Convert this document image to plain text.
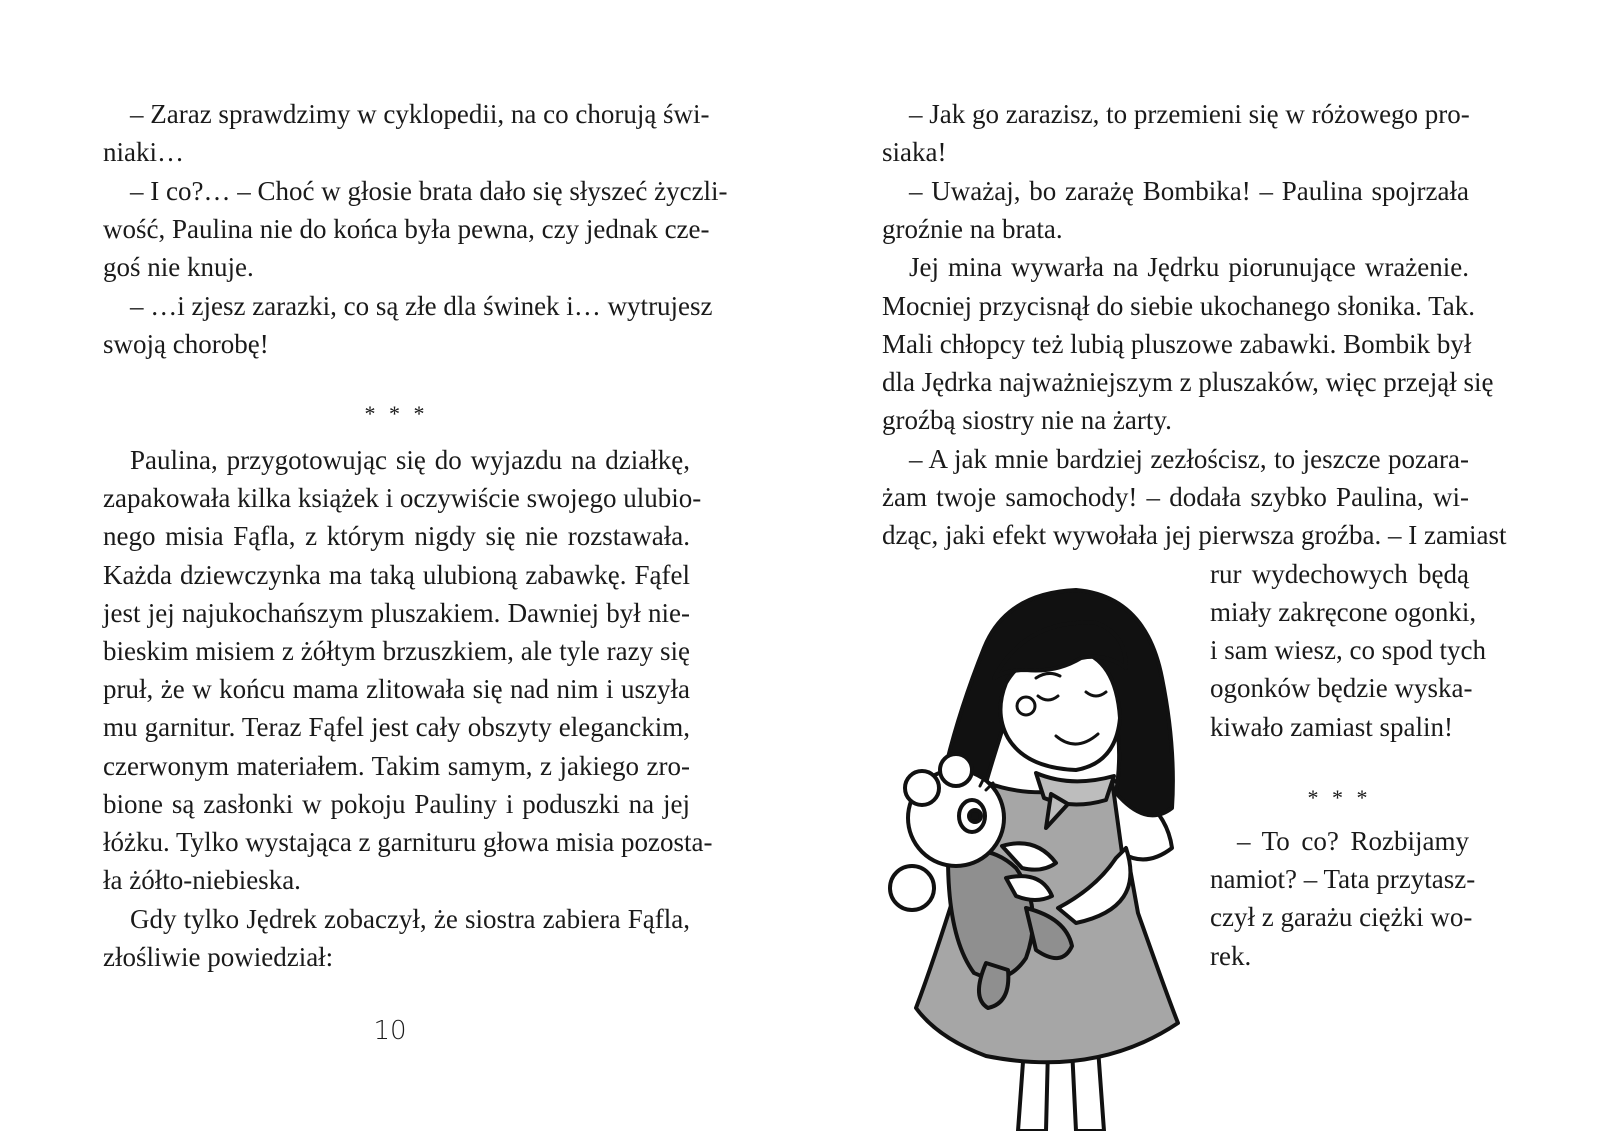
– Zaraz sprawdzimy w cyklopedii, na co chorują świ-
niaki…
– I co?… – Choć w głosie brata dało się słyszeć życzli-
wość, Paulina nie do końca była pewna, czy jednak cze-
goś nie knuje.
– …i zjesz zarazki, co są złe dla świnek i… wytrujesz
swoją chorobę!
* * *
Paulina, przygotowując się do wyjazdu na działkę,
zapakowała kilka książek i oczywiście swojego ulubio-
nego misia Fąfla, z którym nigdy się nie rozstawała.
Każda dziewczynka ma taką ulubioną zabawkę. Fąfel
jest jej najukochańszym pluszakiem. Dawniej był nie-
bieskim misiem z żółtym brzuszkiem, ale tyle razy się
pruł, że w końcu mama zlitowała się nad nim i uszyła
mu garnitur. Teraz Fąfel jest cały obszyty eleganckim,
czerwonym materiałem. Takim samym, z jakiego zro-
bione są zasłonki w pokoju Pauliny i poduszki na jej
łóżku. Tylko wystająca z garnituru głowa misia pozosta-
ła żółto-niebieska.
Gdy tylko Jędrek zobaczył, że siostra zabiera Fąfla,
złośliwie powiedział:
10
– Jak go zarazisz, to przemieni się w różowego pro-
siaka!
– Uważaj, bo zarażę Bombika! – Paulina spojrzała
groźnie na brata.
Jej mina wywarła na Jędrku piorunujące wrażenie.
Mocniej przycisnął do siebie ukochanego słonika. Tak.
Mali chłopcy też lubią pluszowe zabawki. Bombik był
dla Jędrka najważniejszym z pluszaków, więc przejął się
groźbą siostry nie na żarty.
– A jak mnie bardziej zezłościsz, to jeszcze pozara-
żam twoje samochody! – dodała szybko Paulina, wi-
dząc, jaki efekt wywołała jej pierwsza groźba. – I zamiast
rur wydechowych będą
miały zakręcone ogonki,
i sam wiesz, co spod tych
ogonków będzie wyska-
kiwało zamiast spalin!
* * *
– To co? Rozbijamy
namiot? – Tata przytasz-
czył z garażu ciężki wo-
rek.
